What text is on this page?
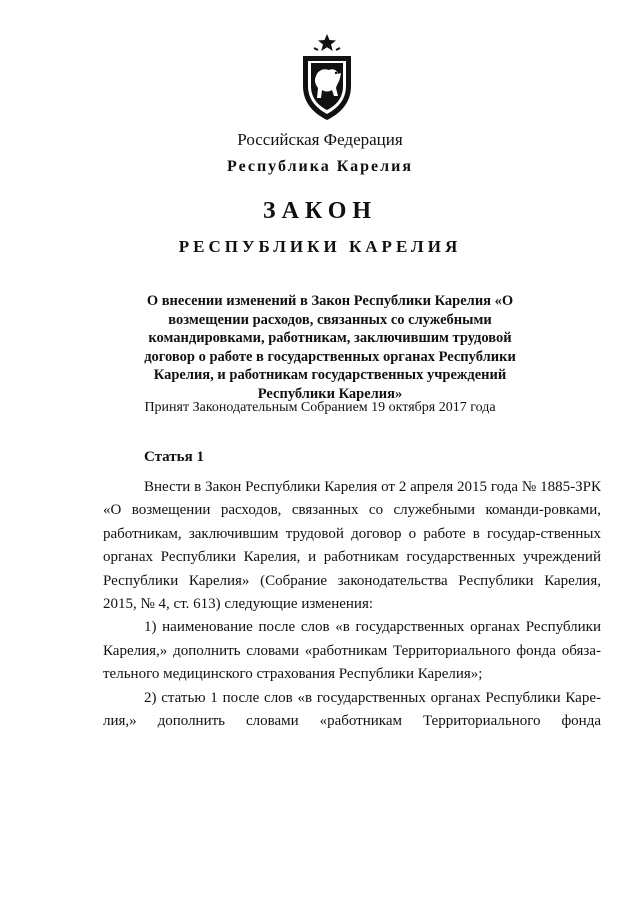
Российская Федерация
Республика Карелия
ЗАКОН
РЕСПУБЛИКИ КАРЕЛИЯ
О внесении изменений в Закон Республики Карелия «О возмещении расходов, связанных со служебными командировками, работникам, заключившим трудовой договор о работе в государственных органах Республики Карелия, и работникам государственных учреждений Республики Карелия»
Принят Законодательным Собранием 19 октября 2017 года
Статья 1

Внести в Закон Республики Карелия от 2 апреля 2015 года № 1885-ЗРК «О возмещении расходов, связанных со служебными команди-ровками, работникам, заключившим трудовой договор о работе в государ-ственных органах Республики Карелия, и работникам государственных учреждений Республики Карелия» (Собрание законодательства Республики Карелия, 2015, № 4, ст. 613) следующие изменения:

1) наименование после слов «в государственных органах Республики Карелия,» дополнить словами «работникам Территориального фонда обяза-тельного медицинского страхования Республики Карелия»;

2) статью 1 после слов «в государственных органах Республики Каре-лия,» дополнить словами «работникам Территориального фонда
